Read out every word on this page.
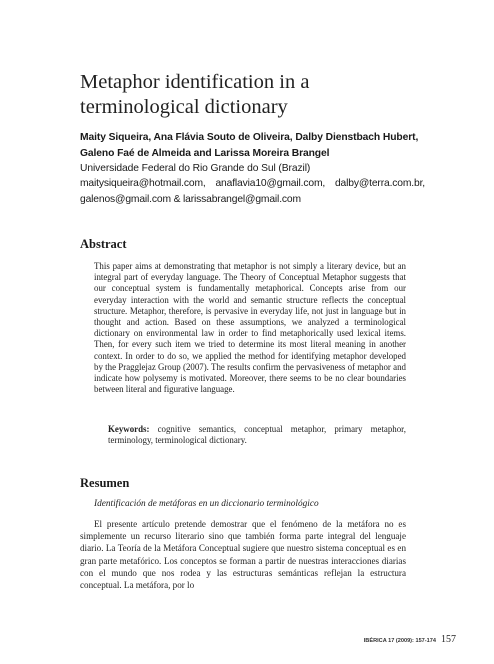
Metaphor identification in a
terminological dictionary
Maity Siqueira, Ana Flávia Souto de Oliveira, Dalby Dienstbach Hubert, Galeno Faé de Almeida and Larissa Moreira Brangel
Universidade Federal do Rio Grande do Sul (Brazil)
maitysiqueira@hotmail.com, anaflavia10@gmail.com, dalby@terra.com.br, galenos@gmail.com & larissabrangel@gmail.com
Abstract
This paper aims at demonstrating that metaphor is not simply a literary device, but an integral part of everyday language. The Theory of Conceptual Metaphor suggests that our conceptual system is fundamentally metaphorical. Concepts arise from our everyday interaction with the world and semantic structure reflects the conceptual structure. Metaphor, therefore, is pervasive in everyday life, not just in language but in thought and action. Based on these assumptions, we analyzed a terminological dictionary on environmental law in order to find metaphorically used lexical items. Then, for every such item we tried to determine its most literal meaning in another context. In order to do so, we applied the method for identifying metaphor developed by the Pragglejaz Group (2007). The results confirm the pervasiveness of metaphor and indicate how polysemy is motivated. Moreover, there seems to be no clear boundaries between literal and figurative language.
Keywords: cognitive semantics, conceptual metaphor, primary metaphor, terminology, terminological dictionary.
Resumen
Identificación de metáforas en un diccionario terminológico
El presente artículo pretende demostrar que el fenómeno de la metáfora no es simplemente un recurso literario sino que también forma parte integral del lenguaje diario. La Teoría de la Metáfora Conceptual sugiere que nuestro sistema conceptual es en gran parte metafórico. Los conceptos se forman a partir de nuestras interacciones diarias con el mundo que nos rodea y las estructuras semánticas reflejan la estructura conceptual. La metáfora, por lo
IBÉRICA 17 (2009): 157-174 157
